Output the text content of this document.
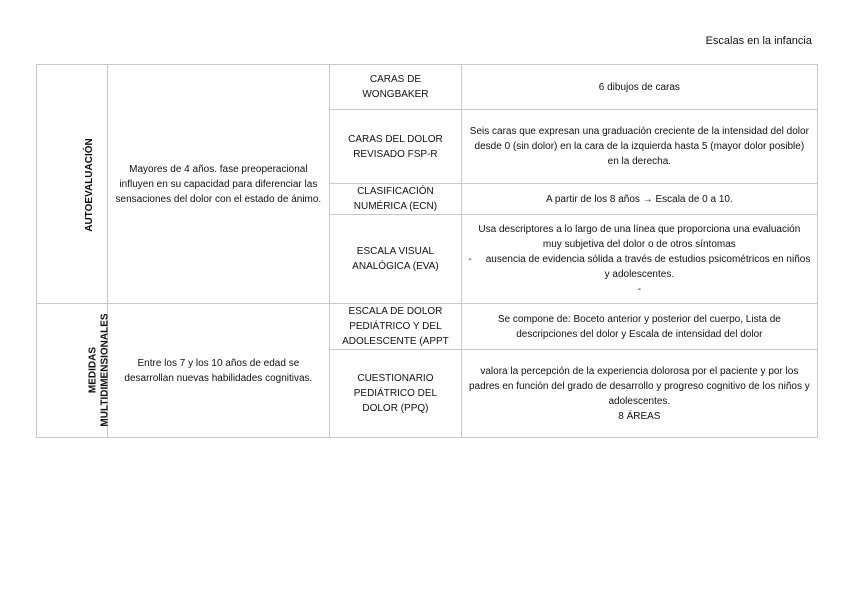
Escalas en la infancia
AUTOEVALUACIÓN	Mayores de 4 años. fase preoperacional influyen en su capacidad para diferenciar las sensaciones del dolor con el estado de ánimo.	CARAS DE WONGBAKER	6 dibujos de caras
		CARAS DEL DOLOR REVISADO FSP-R	Seis caras que expresan una graduación creciente de la intensidad del dolor desde 0 (sin dolor) en la cara de la izquierda hasta 5 (mayor dolor posible) en la derecha.
		CLASIFICACIÓN NUMÉRICA (ECN)	A partir de los 8 años → Escala de 0 a 10.
		ESCALA VISUAL ANALÓGICA (EVA)	Usa descriptores a lo largo de una línea que proporciona una evaluación muy subjetiva del dolor o de otros síntomas
- ausencia de evidencia sólida a través de estudios psicométricos en niños y adolescentes.
-

MEDIDAS MULTIDIMENSIONALES	Entre los 7 y los 10 años de edad se desarrollan nuevas habilidades cognitivas.	ESCALA DE DOLOR PEDIÁTRICO Y DEL ADOLESCENTE (APPT	Se compone de: Boceto anterior y posterior del cuerpo, Lista de descripciones del dolor y Escala de intensidad del dolor
		CUESTIONARIO PEDIÁTRICO DEL DOLOR (PPQ)	valora la percepción de la experiencia dolorosa por el paciente y por los padres en función del grado de desarrollo y progreso cognitivo de los niños y adolescentes.
8 ÁREAS
